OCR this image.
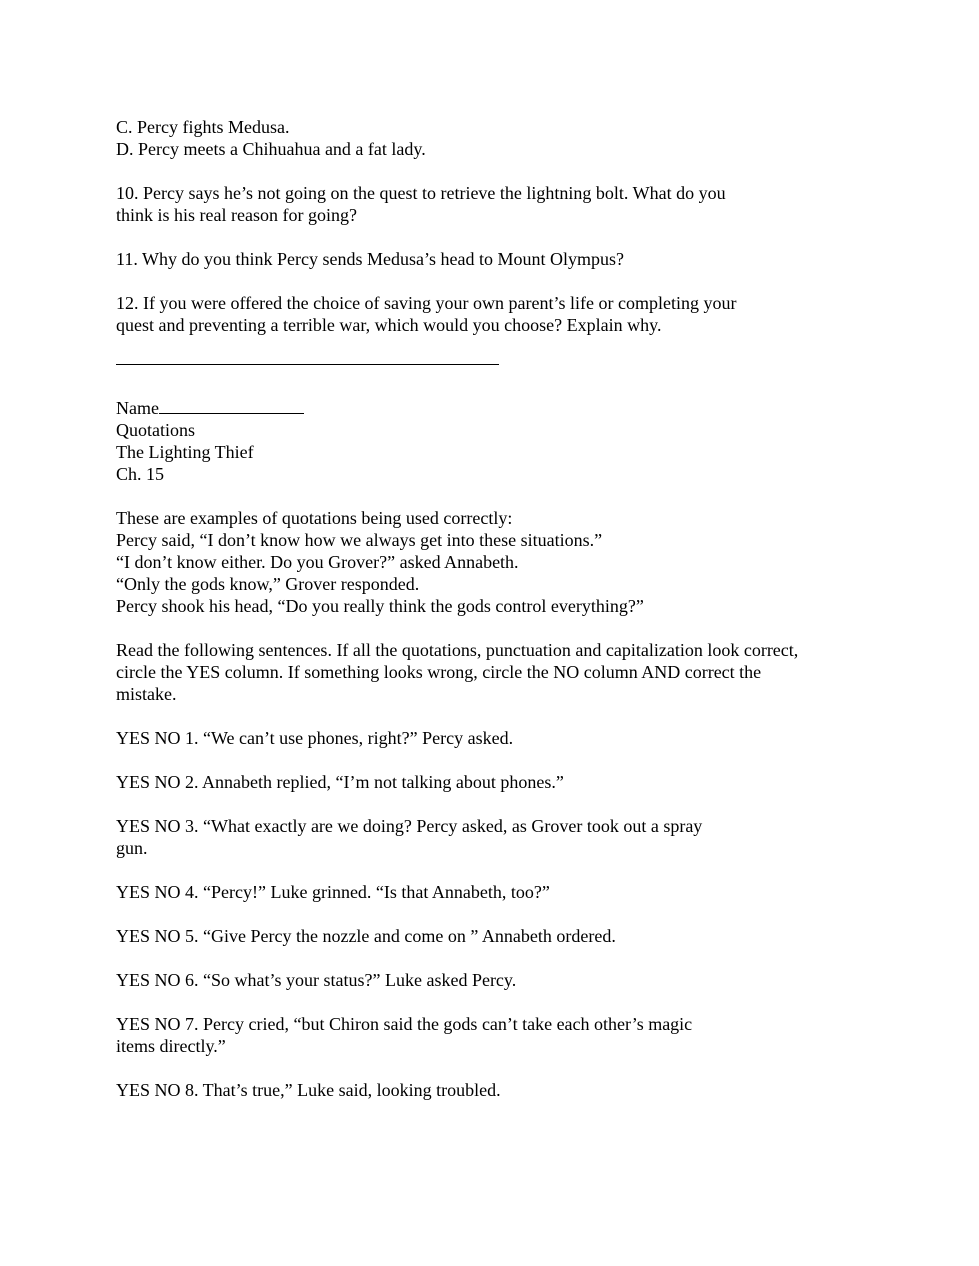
C. Percy fights Medusa.
D. Percy meets a Chihuahua and a fat lady.
10. Percy says he’s not going on the quest to retrieve the lightning bolt. What do you
think is his real reason for going?
11. Why do you think Percy sends Medusa’s head to Mount Olympus?
12. If you were offered the choice of saving your own parent’s life or completing your
quest and preventing a terrible war, which would you choose? Explain why.
Name
Quotations
The Lighting Thief
Ch. 15
These are examples of quotations being used correctly:
Percy said, “I don’t know how we always get into these situations.”
“I don’t know either. Do you Grover?” asked Annabeth.
“Only the gods know,” Grover responded.
Percy shook his head, “Do you really think the gods control everything?”
Read the following sentences. If all the quotations, punctuation and capitalization look correct,
circle the YES column. If something looks wrong, circle the NO column AND correct the
mistake.
YES NO 1. “We can’t use phones, right?” Percy asked.
YES NO 2. Annabeth replied, “I’m not talking about phones.”
YES NO 3. “What exactly are we doing? Percy asked, as Grover took out a spray
gun.
YES NO 4. “Percy!” Luke grinned. “Is that Annabeth, too?”
YES NO 5. “Give Percy the nozzle and come on ” Annabeth ordered.
YES NO 6. “So what’s your status?” Luke asked Percy.
YES NO 7. Percy cried, “but Chiron said the gods can’t take each other’s magic
items directly.”
YES NO 8. That’s true,” Luke said, looking troubled.
